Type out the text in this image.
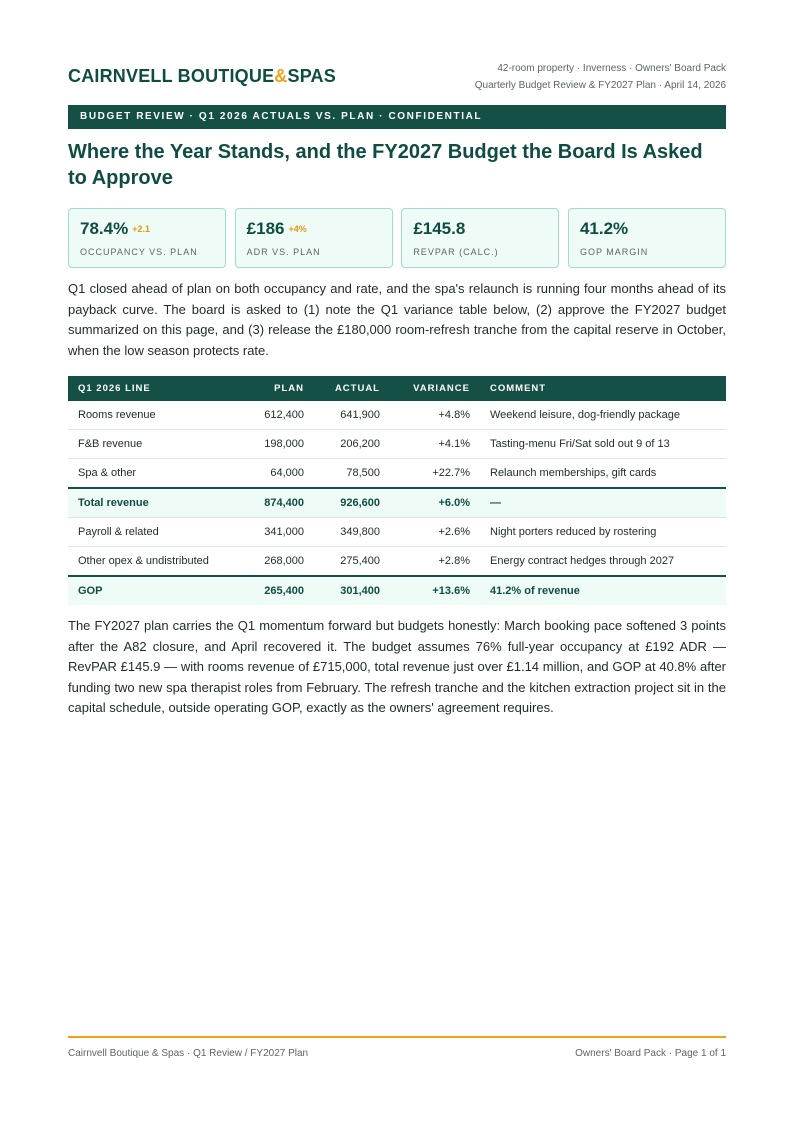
CAIRNVELL BOUTIQUE&SPAS	42-room property · Inverness · Owners' Board Pack
Quarterly Budget Review & FY2027 Plan · April 14, 2026
BUDGET REVIEW · Q1 2026 ACTUALS VS. PLAN · CONFIDENTIAL
Where the Year Stands, and the FY2027 Budget the Board Is Asked to Approve
78.4% +2.1
OCCUPANCY VS. PLAN
£186 +4%
ADR VS. PLAN
£145.8
REVPAR (CALC.)
41.2%
GOP MARGIN

Q1 closed ahead of plan on both occupancy and rate, and the spa's relaunch is running four months ahead of its payback curve. The board is asked to (1) note the Q1 variance table below, (2) approve the FY2027 budget summarized on this page, and (3) release the £180,000 room-refresh tranche from the capital reserve in October, when the low season protects rate.

Q1 2026 LINE	PLAN	ACTUAL	VARIANCE	COMMENT
Rooms revenue	612,400	641,900	+4.8%	Weekend leisure, dog-friendly package
F&B revenue	198,000	206,200	+4.1%	Tasting-menu Fri/Sat sold out 9 of 13
Spa & other	64,000	78,500	+22.7%	Relaunch memberships, gift cards
Total revenue	874,400	926,600	+6.0%	—
Payroll & related	341,000	349,800	+2.6%	Night porters reduced by rostering
Other opex & undistributed	268,000	275,400	+2.8%	Energy contract hedges through 2027
GOP	265,400	301,400	+13.6%	41.2% of revenue

The FY2027 plan carries the Q1 momentum forward but budgets honestly: March booking pace softened 3 points after the A82 closure, and April recovered it. The budget assumes 76% full-year occupancy at £192 ADR — RevPAR £145.9 — with rooms revenue of £715,000, total revenue just over £1.14 million, and GOP at 40.8% after funding two new spa therapist roles from February. The refresh tranche and the kitchen extraction project sit in the capital schedule, outside operating GOP, exactly as the owners' agreement requires.

Cairnvell Boutique & Spas · Q1 Review / FY2027 Plan	Owners' Board Pack · Page 1 of 1
